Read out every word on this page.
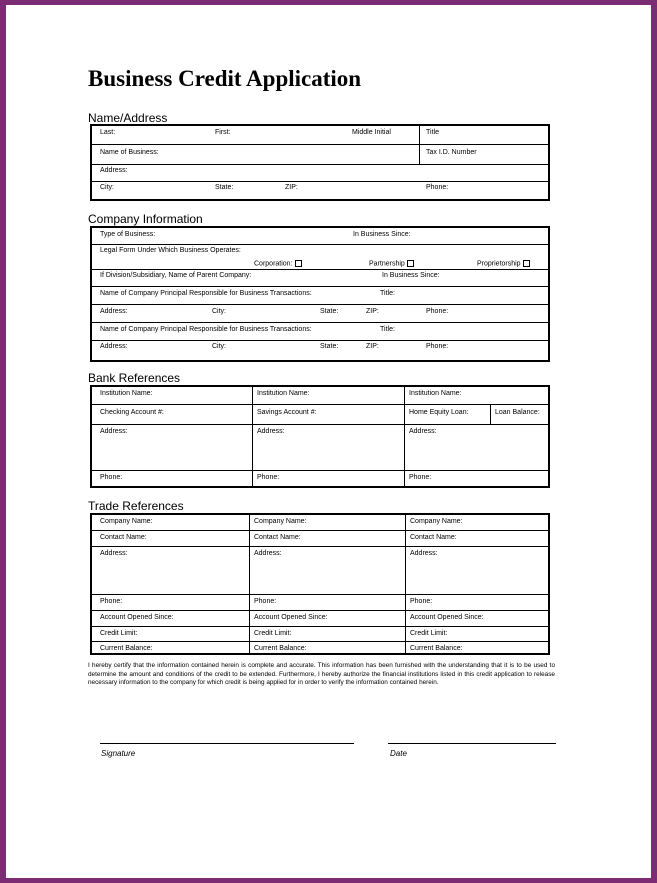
Business Credit Application
Name/Address
Last:	First:	Middle Initial	Title
Name of Business:	Tax I.D. Number
Address:
City:	State:	ZIP:	Phone:
Company Information
Type of Business:	In Business Since:
Legal Form Under Which Business Operates:
Corporation:	Partnership	Proprietorship
If Division/Subsidiary, Name of Parent Company:	In Business Since:
Name of Company Principal Responsible for Business Transactions:	Title:
Address:	City:	State:	ZIP:	Phone:
Name of Company Principal Responsible for Business Transactions:	Title:
Address:	City:	State:	ZIP:	Phone:
Bank References
Institution Name:	Institution Name:	Institution Name:
Checking Account #:	Savings Account #:	Home Equity Loan:	Loan Balance:
Address:	Address:	Address:
Phone:	Phone:	Phone:
Trade References
Company Name:	Company Name:	Company Name:
Contact Name:	Contact Name:	Contact Name:
Address:	Address:	Address:
Phone:	Phone:	Phone:
Account Opened Since:	Account Opened Since:	Account Opened Since:
Credit Limit:	Credit Limit:	Credit Limit:
Current Balance:	Current Balance:	Current Balance:

I hereby certify that the information contained herein is complete and accurate. This information has been furnished with the understanding that it is to be used to determine the amount and conditions of the credit to be extended. Furthermore, I hereby authorize the financial institutions listed in this credit application to release necessary information to the company for which credit is being applied for in order to verify the information contained herein.

Signature	Date
